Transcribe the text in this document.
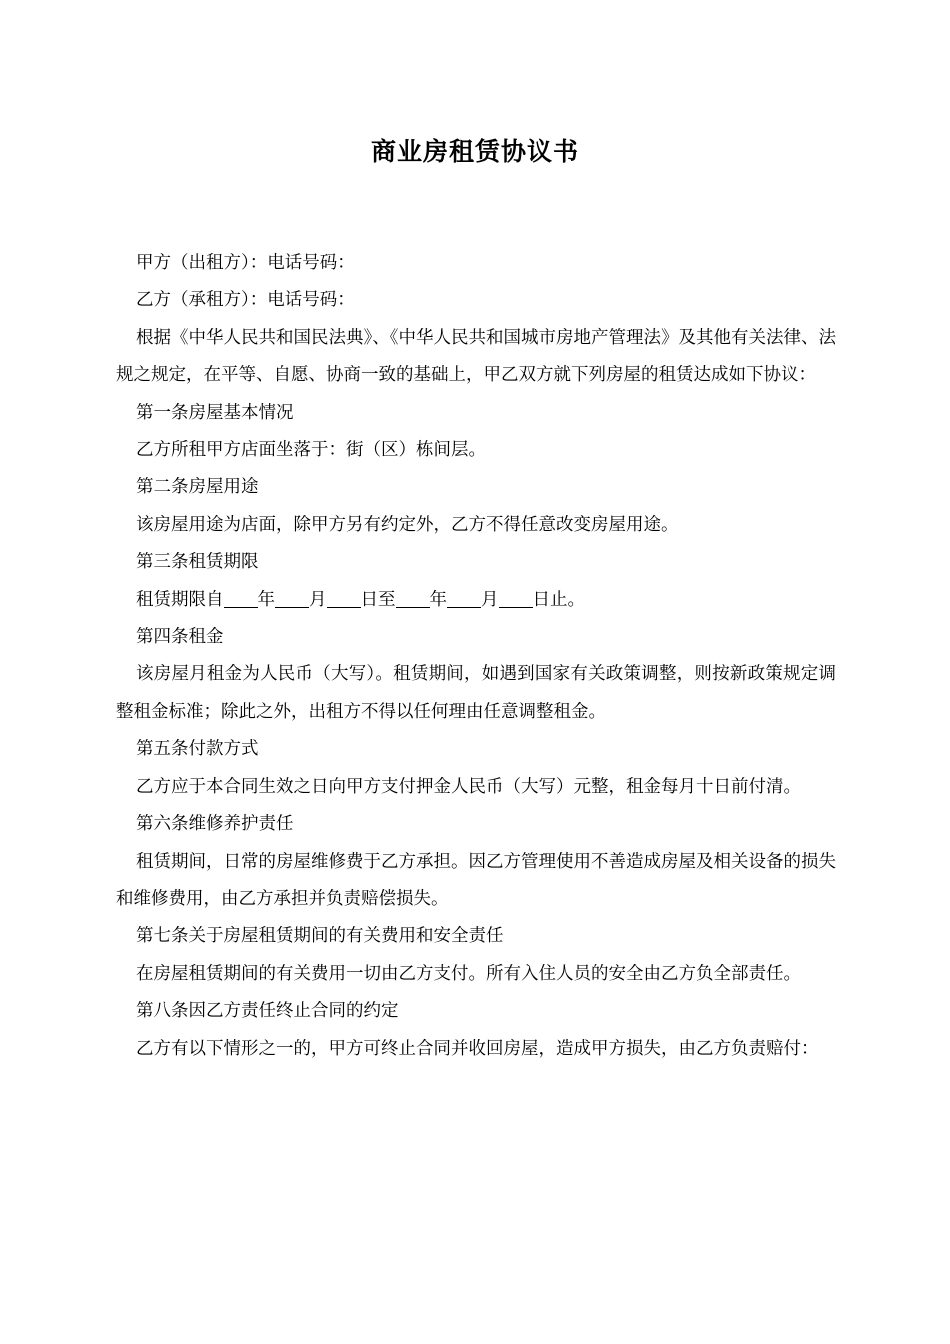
商业房租赁协议书

甲方（出租方）：电话号码：

乙方（承租方）：电话号码：

根据《中华人民共和国民法典》、《中华人民共和国城市房地产管理法》及其他有关法律、法规之规定，在平等、自愿、协商一致的基础上，甲乙双方就下列房屋的租赁达成如下协议：

第一条房屋基本情况

乙方所租甲方店面坐落于：街（区）栋间层。

第二条房屋用途

该房屋用途为店面，除甲方另有约定外，乙方不得任意改变房屋用途。

第三条租赁期限

租赁期限自 年 月 日至 年 月 日止。

第四条租金

该房屋月租金为人民币（大写）。租赁期间，如遇到国家有关政策调整，则按新政策规定调整租金标准；除此之外，出租方不得以任何理由任意调整租金。

第五条付款方式

乙方应于本合同生效之日向甲方支付押金人民币（大写）元整，租金每月十日前付清。

第六条维修养护责任

租赁期间，日常的房屋维修费于乙方承担。因乙方管理使用不善造成房屋及相关设备的损失和维修费用，由乙方承担并负责赔偿损失。

第七条关于房屋租赁期间的有关费用和安全责任

在房屋租赁期间的有关费用一切由乙方支付。所有入住人员的安全由乙方负全部责任。

第八条因乙方责任终止合同的约定

乙方有以下情形之一的，甲方可终止合同并收回房屋，造成甲方损失，由乙方负责赔付：
